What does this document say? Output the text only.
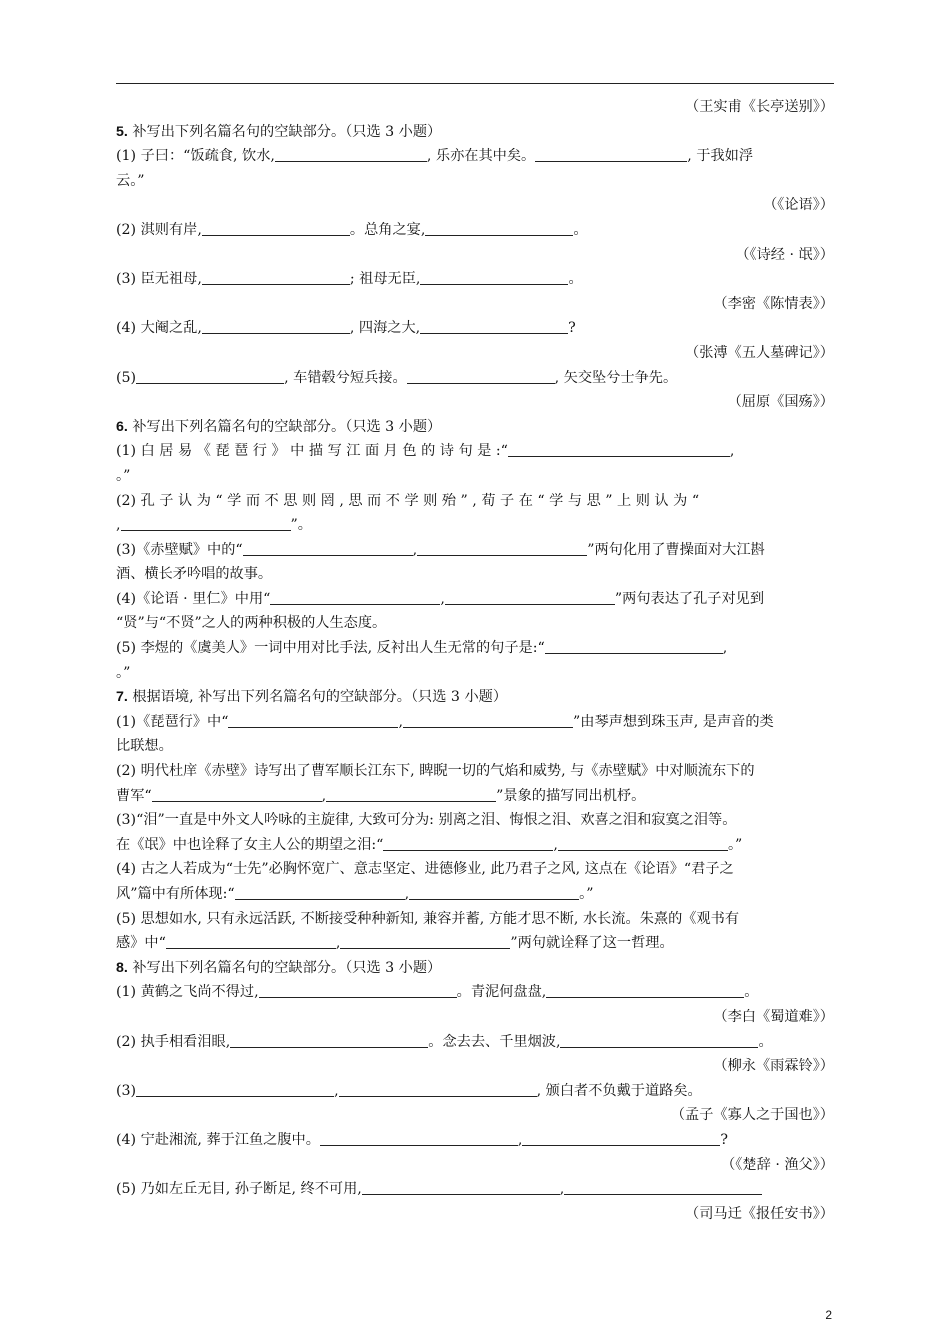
（王实甫《长亭送别》）
5. 补写出下列名篇名句的空缺部分。（只选 3 小题）
(1) 子曰：“饭疏食, 饮水,	, 乐亦在其中矣。	, 于我如浮
云。”
（《论语》）
(2) 淇则有岸,	。总角之宴,	。
（《诗经 · 氓》）
(3) 臣无祖母,	; 祖母无臣,	。
（李密《陈情表》）
(4) 大阉之乱,	, 四海之大,	?
（张溥《五人墓碑记》）
(5)	, 车错毂兮短兵接。	, 矢交坠兮士争先。
（屈原《国殇》）
6. 补写出下列名篇名句的空缺部分。（只选 3 小题）
(1) 白 居 易 《 琵 琶 行 》 中 描 写 江 面 月 色 的 诗 句 是 :“	,
。”
(2) 孔 子 认 为 “ 学 而 不 思 则 罔 , 思 而 不 学 则 殆 ” , 荀 子 在 “ 学 与 思 ” 上 则 认 为 “
,	”。
(3)《赤壁赋》中的“	,	”两句化用了曹操面对大江斟
酒、横长矛吟唱的故事。
(4)《论语 · 里仁》中用“	,	”两句表达了孔子对见到
“贤”与“不贤”之人的两种积极的人生态度。
(5) 李煜的《虞美人》一词中用对比手法, 反衬出人生无常的句子是:“	,
。”
7. 根据语境, 补写出下列名篇名句的空缺部分。（只选 3 小题）
(1)《琵琶行》中“	,	”由琴声想到珠玉声, 是声音的类
比联想。
(2) 明代杜庠《赤壁》诗写出了曹军顺长江东下, 睥睨一切的气焰和威势, 与《赤壁赋》中对顺流东下的
曹军“	,	”景象的描写同出机杼。
(3)“泪”一直是中外文人吟咏的主旋律, 大致可分为: 别离之泪、悔恨之泪、欢喜之泪和寂寞之泪等。
在《氓》中也诠释了女主人公的期望之泪:“	,	。”
(4) 古之人若成为“士先”必胸怀宽广、意志坚定、进德修业, 此乃君子之风, 这点在《论语》“君子之
风”篇中有所体现:“	,	。”
(5) 思想如水, 只有永远活跃, 不断接受种种新知, 兼容并蓄, 方能才思不断, 水长流。朱熹的《观书有
感》中“	,	”两句就诠释了这一哲理。
8. 补写出下列名篇名句的空缺部分。（只选 3 小题）
(1) 黄鹤之飞尚不得过,	。青泥何盘盘,	。
（李白《蜀道难》）
(2) 执手相看泪眼,	。念去去、千里烟波,	。
（柳永《雨霖铃》）
(3)	,	, 颁白者不负戴于道路矣。
（孟子《寡人之于国也》）
(4) 宁赴湘流, 葬于江鱼之腹中。	,	?
（《楚辞 · 渔父》）
(5) 乃如左丘无目, 孙子断足, 终不可用,	,
（司马迁《报任安书》）
2
